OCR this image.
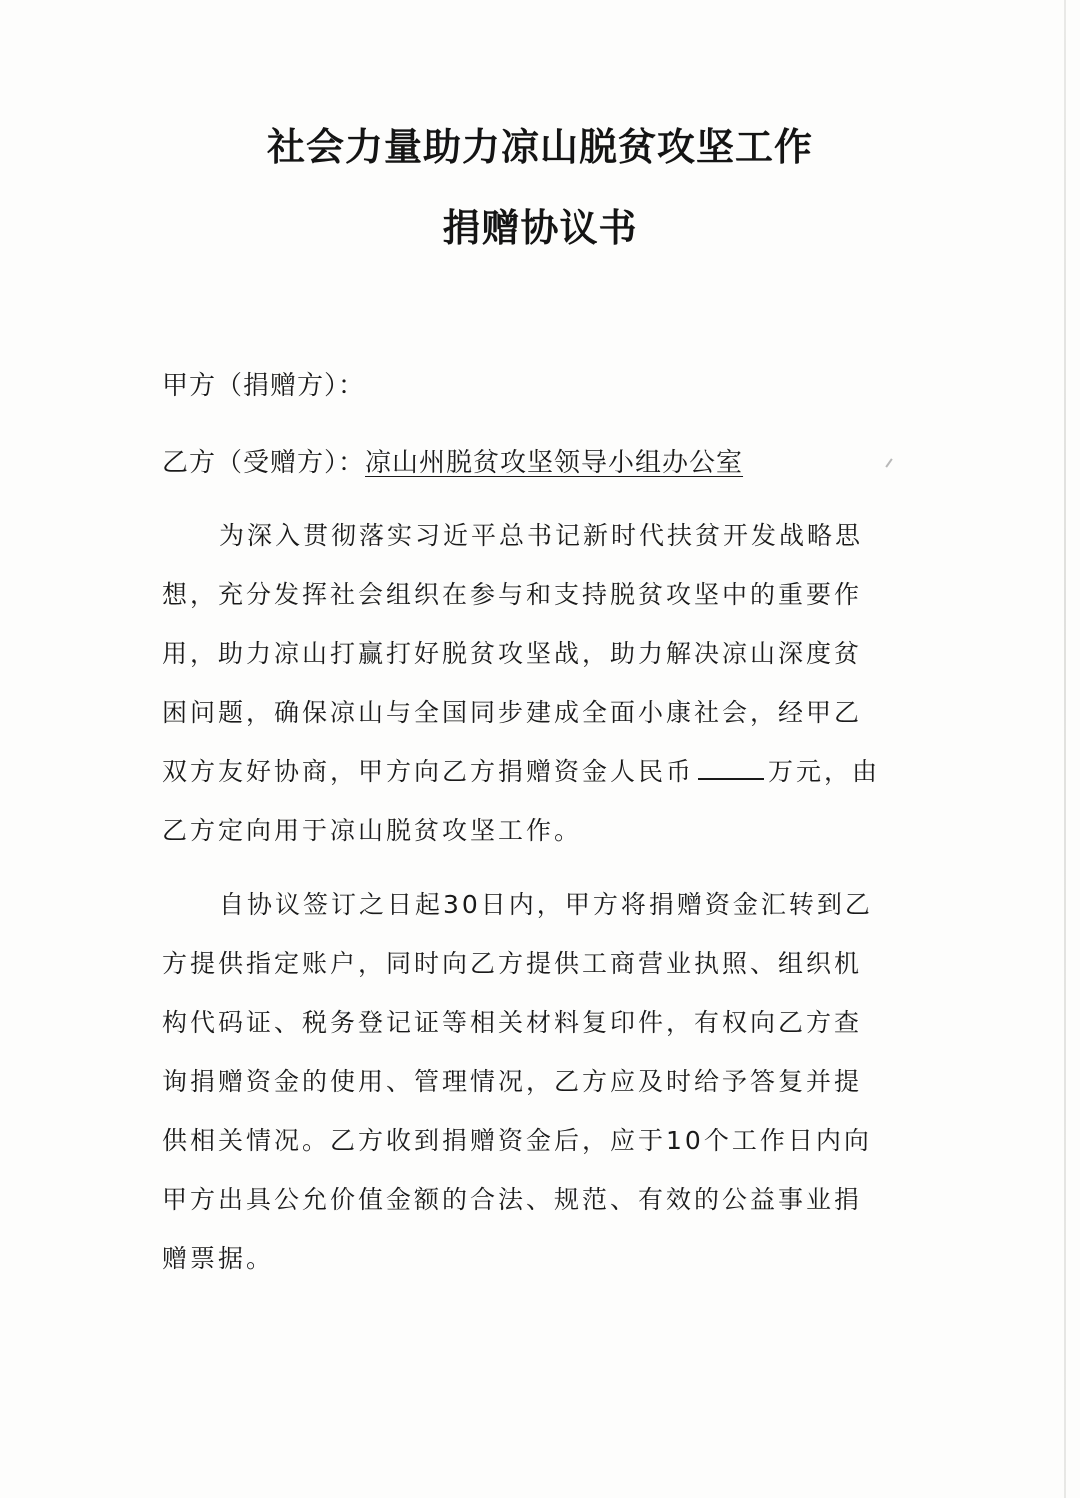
社会力量助力凉山脱贫攻坚工作
捐赠协议书
甲方（捐赠方）：
乙方（受赠方）：凉山州脱贫攻坚领导小组办公室
为深入贯彻落实习近平总书记新时代扶贫开发战略思
想，充分发挥社会组织在参与和支持脱贫攻坚中的重要作
用，助力凉山打赢打好脱贫攻坚战，助力解决凉山深度贫
困问题，确保凉山与全国同步建成全面小康社会，经甲乙
双方友好协商，甲方向乙方捐赠资金人民币	万元，由
乙方定向用于凉山脱贫攻坚工作。
自协议签订之日起30日内，甲方将捐赠资金汇转到乙
方提供指定账户，同时向乙方提供工商营业执照、组织机
构代码证、税务登记证等相关材料复印件，有权向乙方查
询捐赠资金的使用、管理情况，乙方应及时给予答复并提
供相关情况。乙方收到捐赠资金后，应于10个工作日内向
甲方出具公允价值金额的合法、规范、有效的公益事业捐
赠票据。
